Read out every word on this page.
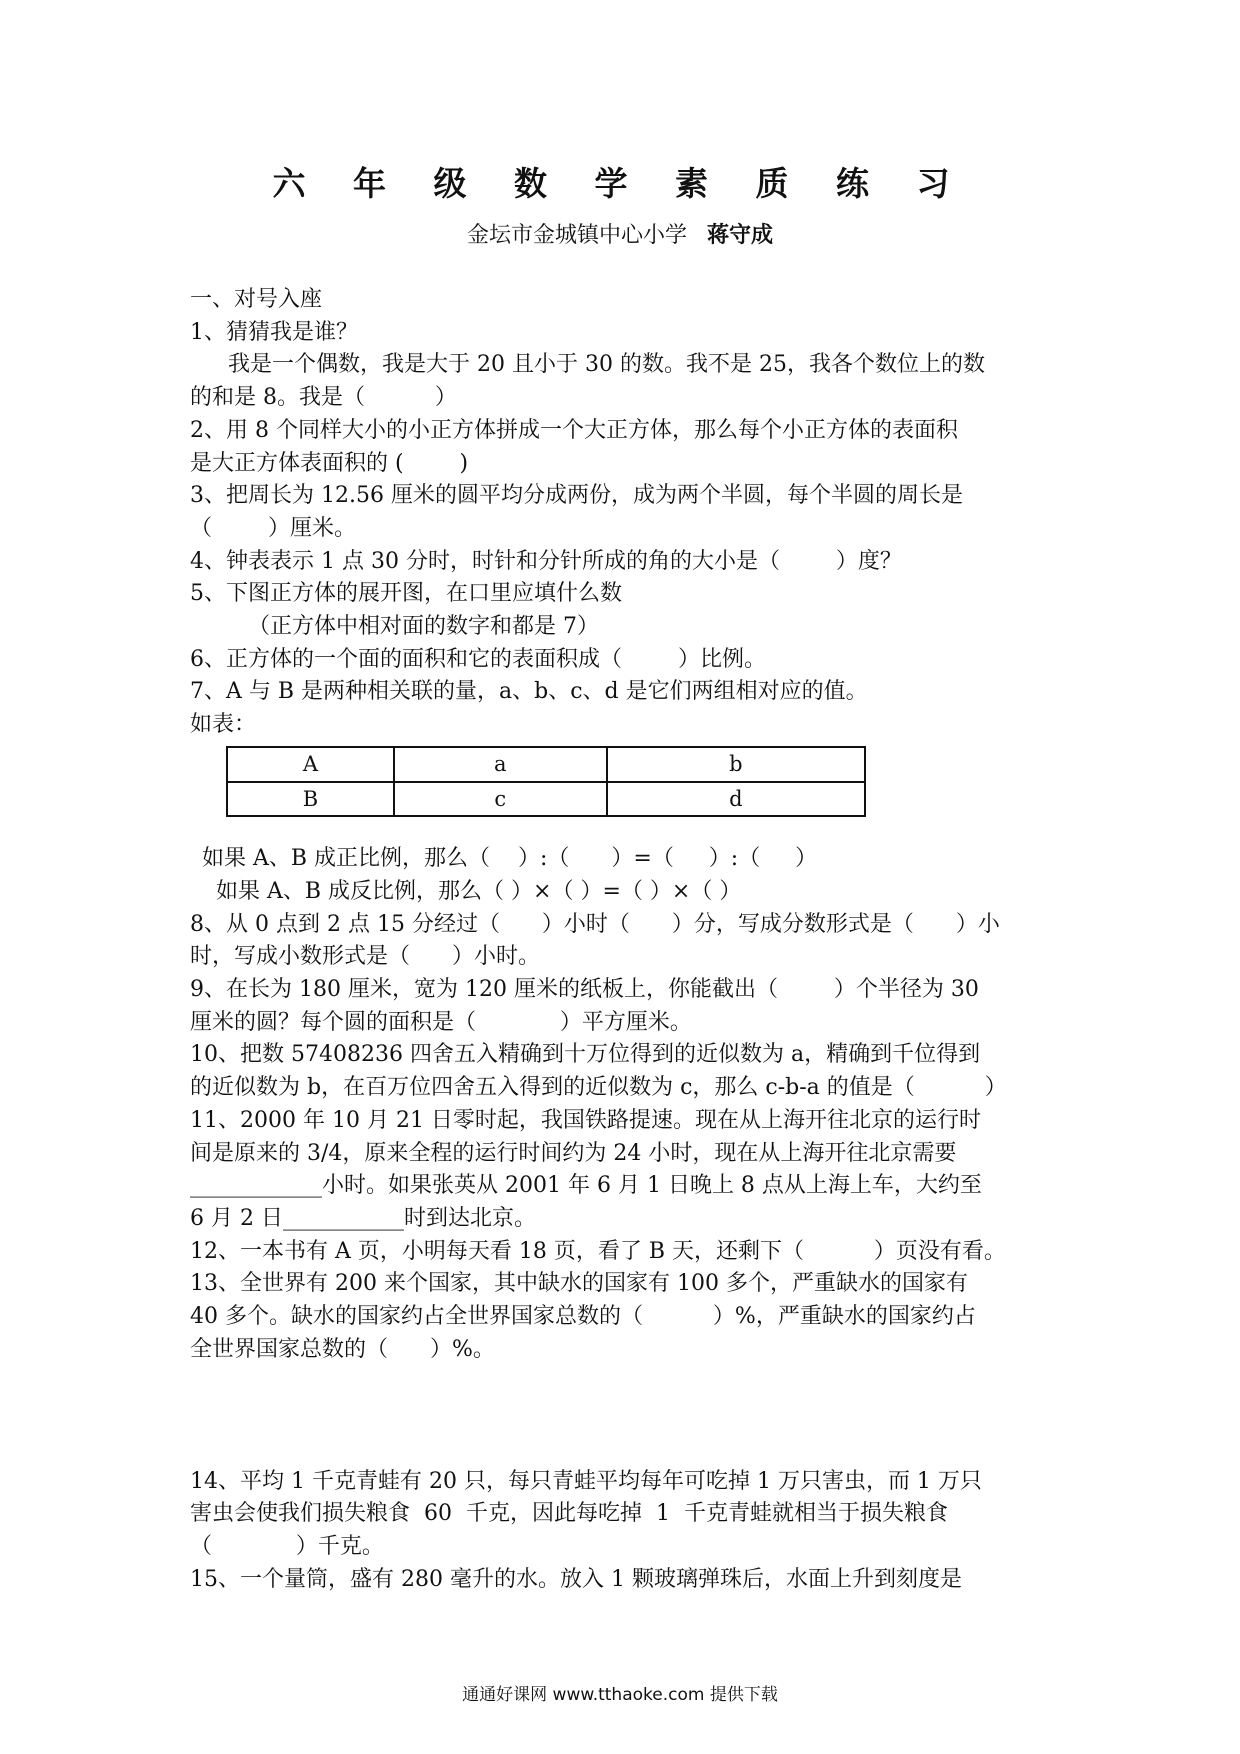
六 年 级 数 学 素 质 练 习
金坛市金城镇中心小学 蒋守成
一、对号入座
1、猜猜我是谁？
我是一个偶数，我是大于 20 且小于 30 的数。我不是 25，我各个数位上的数
的和是 8。我是（          ）
2、用 8 个同样大小的小正方体拼成一个大正方体，那么每个小正方体的表面积
是大正方体表面积的 (        )
3、把周长为 12.56 厘米的圆平均分成两份，成为两个半圆，每个半圆的周长是
（        ）厘米。
4、钟表表示 1 点 30 分时，时针和分针所成的角的大小是（        ）度？
5、下图正方体的展开图，在口里应填什么数
（正方体中相对面的数字和都是 7）
6、正方体的一个面的面积和它的表面积成（        ）比例。
7、A 与 B 是两种相关联的量，a、b、c、d 是它们两组相对应的值。
如表：
A	a	b
B	c	d
如果 A、B 成正比例，那么（    ）:（      ）=（     ）:（     ）
如果 A、B 成反比例，那么（ ）×（ ）=（ ）×（ ）
8、从 0 点到 2 点 15 分经过（      ）小时（      ）分，写成分数形式是（      ）小
时，写成小数形式是（      ）小时。
9、在长为 180 厘米，宽为 120 厘米的纸板上，你能截出（        ）个半径为 30
厘米的圆？每个圆的面积是（            ）平方厘米。
10、把数 57408236 四舍五入精确到十万位得到的近似数为 a，精确到千位得到
的近似数为 b，在百万位四舍五入得到的近似数为 c，那么 c-b-a 的值是（          ）
11、2000 年 10 月 21 日零时起，我国铁路提速。现在从上海开往北京的运行时
间是原来的 3/4，原来全程的运行时间约为 24 小时，现在从上海开往北京需要
____________小时。如果张英从 2001 年 6 月 1 日晚上 8 点从上海上车，大约至
6 月 2 日___________时到达北京。
12、一本书有 A 页，小明每天看 18 页，看了 B 天，还剩下（          ）页没有看。
13、全世界有 200 来个国家，其中缺水的国家有 100 多个，严重缺水的国家有
40 多个。缺水的国家约占全世界国家总数的（          ）%，严重缺水的国家约占
全世界国家总数的（      ）%。
14、平均 1 千克青蛙有 20 只，每只青蛙平均每年可吃掉 1 万只害虫，而 1 万只
害虫会使我们损失粮食  60  千克，因此每吃掉  1  千克青蛙就相当于损失粮食
（            ）千克。
15、一个量筒，盛有 280 毫升的水。放入 1 颗玻璃弹珠后，水面上升到刻度是
通通好课网 www.tthaoke.com 提供下载
